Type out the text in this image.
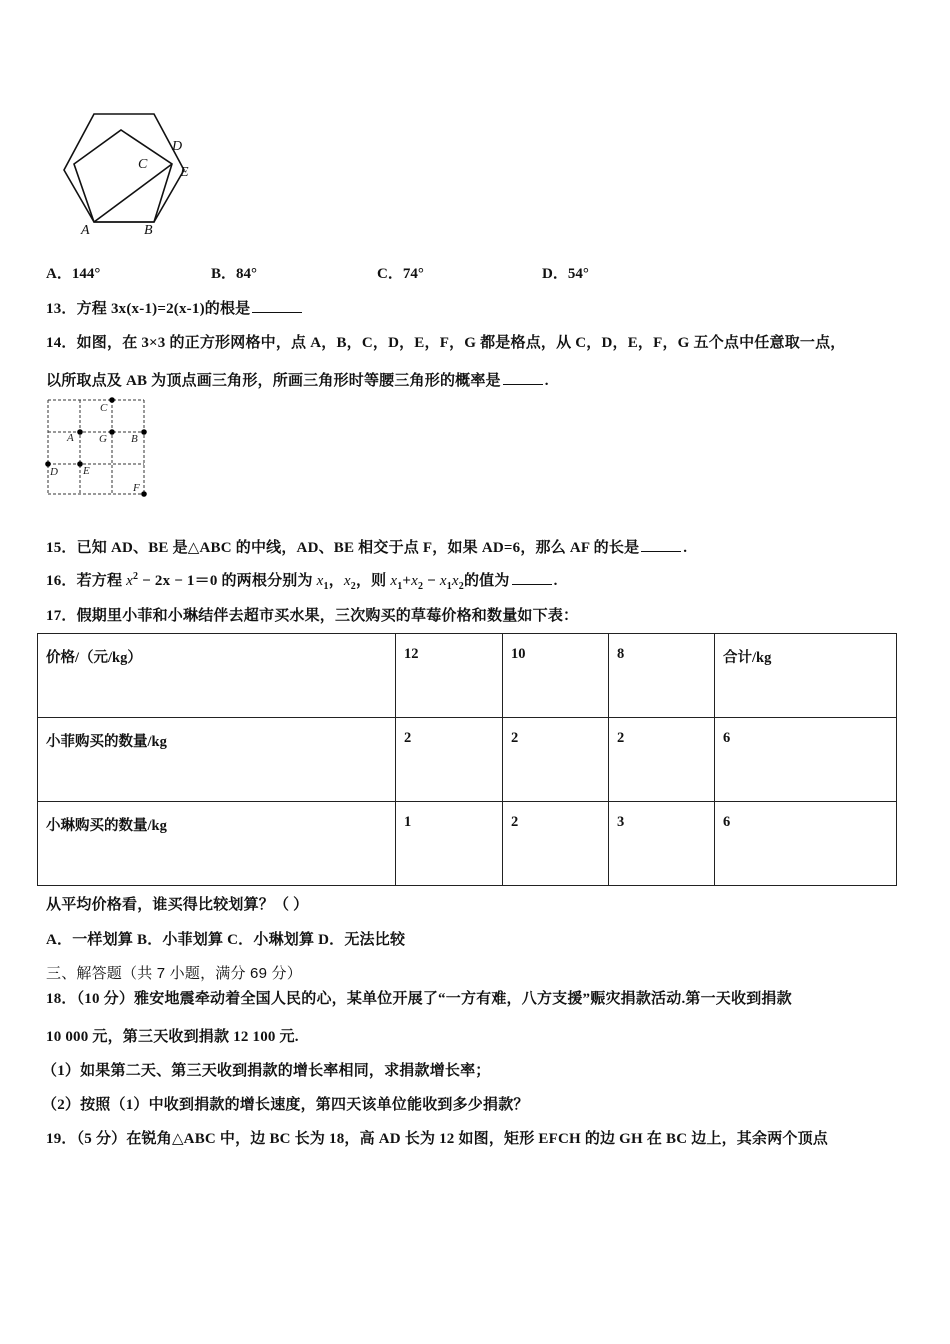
A	B
C
D
E
A．144°	B．84°	C．74°	D．54°
13．方程 3x(x-1)=2(x-1)的根是
14．如图，在 3×3 的正方形网格中，点 A，B，C，D，E，F，G 都是格点，从 C，D，E，F，G 五个点中任意取一点，
以所取点及 AB 为顶点画三角形，所画三角形时等腰三角形的概率是	.
C
A G B
D E
F
15．已知 AD、BE 是△ABC 的中线，AD、BE 相交于点 F，如果 AD=6，那么 AF 的长是	.
16．若方程 $x^2 - 2x - 1=0$ 的两根分别为 $x_1$，$x_2$，则 $x_1+x_2 - x_1x_2$的值为	.
17．假期里小菲和小琳结伴去超市买水果，三次购买的草莓价格和数量如下表：
价格/（元/kg）	12	10	8	合计/kg
小菲购买的数量/kg	2	2	2	6
小琳购买的数量/kg	1	2	3	6
从平均价格看，谁买得比较划算？（ ）
A．一样划算 B．小菲划算 C．小琳划算 D．无法比较
三、解答题（共 7 小题，满分 69 分）
18．（10 分）雅安地震牵动着全国人民的心，某单位开展了“一方有难，八方支援”赈灾捐款活动.第一天收到捐款
10 000 元，第三天收到捐款 12 100 元.
（1）如果第二天、第三天收到捐款的增长率相同，求捐款增长率；
（2）按照（1）中收到捐款的增长速度，第四天该单位能收到多少捐款？
19．（5 分）在锐角△ABC 中，边 BC 长为 18，高 AD 长为 12 如图，矩形 EFCH 的边 GH 在 BC 边上，其余两个顶点
